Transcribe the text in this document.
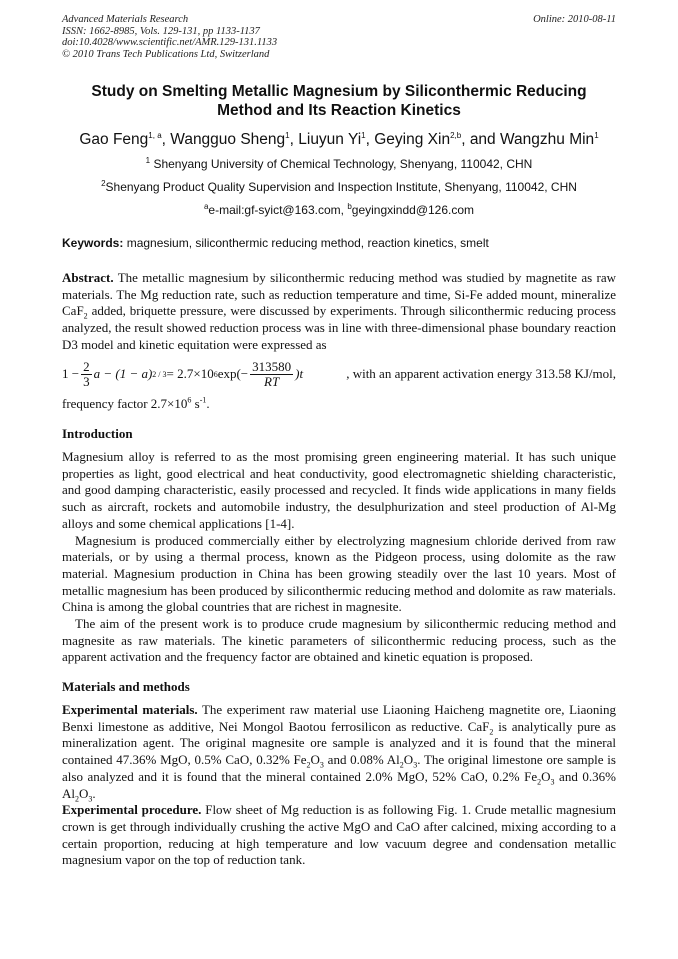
Advanced Materials Research
ISSN: 1662-8985, Vols. 129-131, pp 1133-1137
doi:10.4028/www.scientific.net/AMR.129-131.1133
© 2010 Trans Tech Publications Ltd, Switzerland
Online: 2010-08-11
Study on Smelting Metallic Magnesium by Siliconthermic Reducing
Method and Its Reaction Kinetics
Gao Feng$^{1, a}$, Wangguo Sheng$^1$, Liuyun Yi$^1$, Geying Xin$^{2,b}$, and Wangzhu Min$^1$
$^1$ Shenyang University of Chemical Technology, Shenyang, 110042, CHN
$^2$Shenyang Product Quality Supervision and Inspection Institute, Shenyang, 110042, CHN
$^a$e-mail:gf-syict@163.com, $^b$geyingxindd@126.com
Keywords: magnesium, siliconthermic reducing method, reaction kinetics, smelt

Abstract. The metallic magnesium by siliconthermic reducing method was studied by magnetite as raw materials. The Mg reduction rate, such as reduction temperature and time, Si-Fe added mount, mineralize CaF$_2$ added, briquette pressure, were discussed by experiments. Through siliconthermic reducing process analyzed, the result showed reduction process was in line with three-dimensional phase boundary reaction D3 model and kinetic equitation were expressed as

$1 - \frac{2}{3}$ a − (1 − a) 2 / 3 = 2.7×10 6 $\exp(- \frac{313580}{RT} )t$	, with an apparent activation energy 313.58 KJ/mol,

frequency factor $2.7\times 10^6$ $s^{-1}$.

Introduction

Magnesium alloy is referred to as the most promising green engineering material. It has such unique properties as light, good electrical and heat conductivity, good electromagnetic shielding characteristic, and good damping characteristic, easily processed and recycled. It finds wide applications in many fields such as aircraft, rockets and automobile industry, the desulphurization and steel production of Al-Mg alloys and some chemical applications [1-4].

Magnesium is produced commercially either by electrolyzing magnesium chloride derived from raw materials, or by using a thermal process, known as the Pidgeon process, using dolomite as the raw material. Magnesium production in China has been growing steadily over the last 10 years. Most of metallic magnesium has been produced by siliconthermic reducing method and dolomite as raw materials. China is among the global countries that are richest in magnesite.

The aim of the present work is to produce crude magnesium by siliconthermic reducing method and magnesite as raw materials. The kinetic parameters of siliconthermic reducing process, such as the apparent activation and the frequency factor are obtained and kinetic equation is proposed.

Materials and methods

Experimental materials. The experiment raw material use Liaoning Haicheng magnetite ore, Liaoning Benxi limestone as additive, Nei Mongol Baotou ferrosilicon as reductive. CaF$_2$ is analytically pure as mineralization agent. The original magnesite ore sample is analyzed and it is found that the mineral contained 47.36% MgO, 0.5% CaO, 0.32% $Fe_2O_3$ and 0.08% $Al_2O_3$. The original limestone ore sample is also analyzed and it is found that the mineral contained 2.0% MgO, 52% CaO, 0.2% $Fe_2O_3$ and 0.36% $Al_2O_3$.

Experimental procedure. Flow sheet of Mg reduction is as following Fig. 1. Crude metallic magnesium crown is get through individually crushing the active MgO and CaO after calcined, mixing according to a certain proportion, reducing at high temperature and low vacuum degree and condensation metallic magnesium vapor on the top of reduction tank.
